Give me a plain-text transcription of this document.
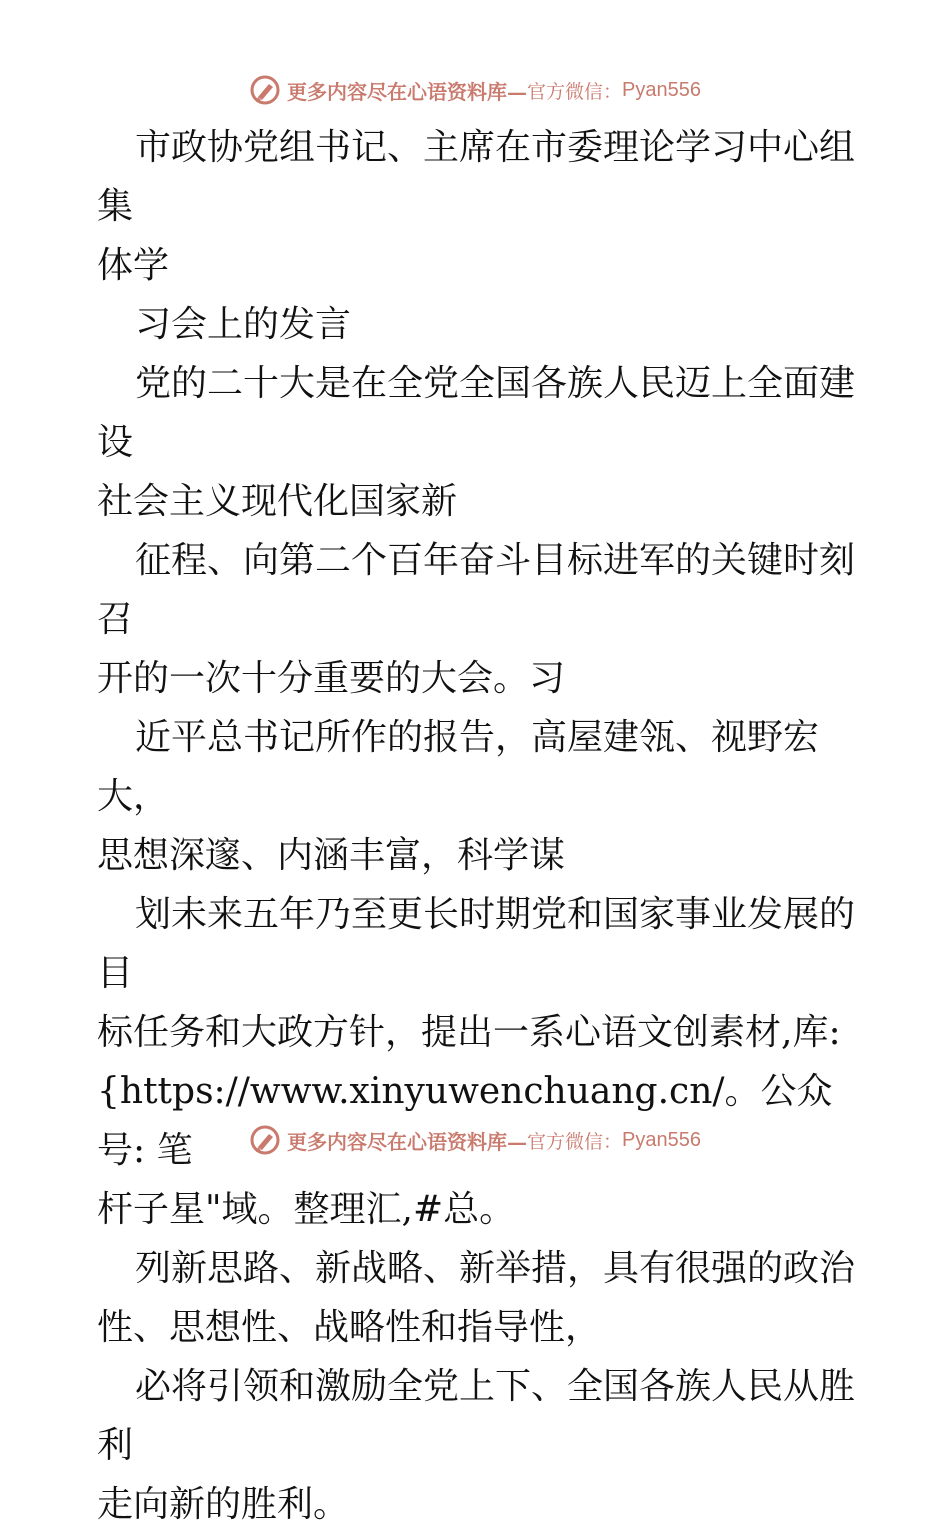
更多内容尽在心语资料库— 官方微信： Pyan556

市政协党组书记、主席在市委理论学习中心组集
体学

习会上的发言

党的二十大是在全党全国各族人民迈上全面建设
社会主义现代化国家新

征程、向第二个百年奋斗目标进军的关键时刻召
开的一次十分重要的大会。习

近平总书记所作的报告，高屋建瓴、视野宏大，
思想深邃、内涵丰富，科学谋

划未来五年乃至更长时期党和国家事业发展的目
标任务和大政方针，提出一系心语文创素材,库:
{https://www.xinyuwenchuang.cn/。公众号: 笔
杆子星"域。整理汇,#总。

列新思路、新战略、新举措，具有很强的政治
性、思想性、战略性和指导性，

必将引领和激励全党上下、全国各族人民从胜利
走向新的胜利。

更多内容尽在心语资料库— 官方微信： Pyan556
